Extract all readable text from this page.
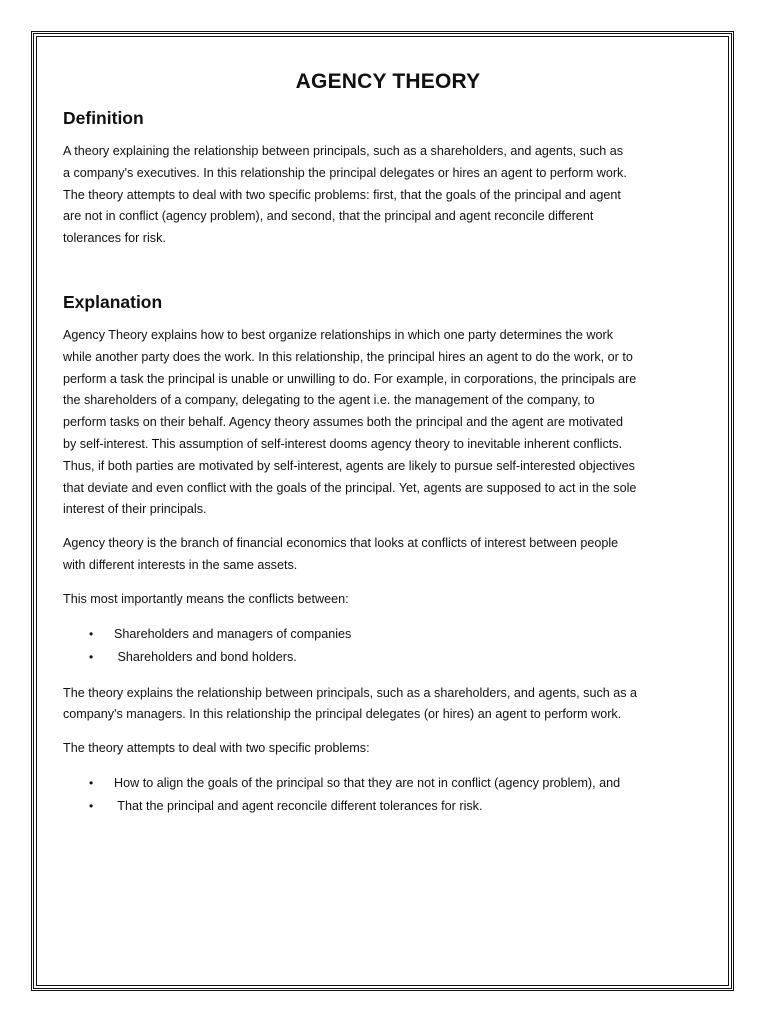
AGENCY THEORY
Definition

A theory explaining the relationship between principals, such as a shareholders, and agents, such as
a company's executives. In this relationship the principal delegates or hires an agent to perform work.
The theory attempts to deal with two specific problems: first, that the goals of the principal and agent
are not in conflict (agency problem), and second, that the principal and agent reconcile different
tolerances for risk.

Explanation

Agency Theory explains how to best organize relationships in which one party determines the work
while another party does the work. In this relationship, the principal hires an agent to do the work, or to
perform a task the principal is unable or unwilling to do. For example, in corporations, the principals are
the shareholders of a company, delegating to the agent i.e. the management of the company, to
perform tasks on their behalf. Agency theory assumes both the principal and the agent are motivated
by self-interest. This assumption of self-interest dooms agency theory to inevitable inherent conflicts.
Thus, if both parties are motivated by self-interest, agents are likely to pursue self-interested objectives
that deviate and even conflict with the goals of the principal. Yet, agents are supposed to act in the sole
interest of their principals.

Agency theory is the branch of financial economics that looks at conflicts of interest between people
with different interests in the same assets.

This most importantly means the conflicts between:

• Shareholders and managers of companies
• Shareholders and bond holders.

The theory explains the relationship between principals, such as a shareholders, and agents, such as a
company's managers. In this relationship the principal delegates (or hires) an agent to perform work.

The theory attempts to deal with two specific problems:

• How to align the goals of the principal so that they are not in conflict (agency problem), and
• That the principal and agent reconcile different tolerances for risk.
